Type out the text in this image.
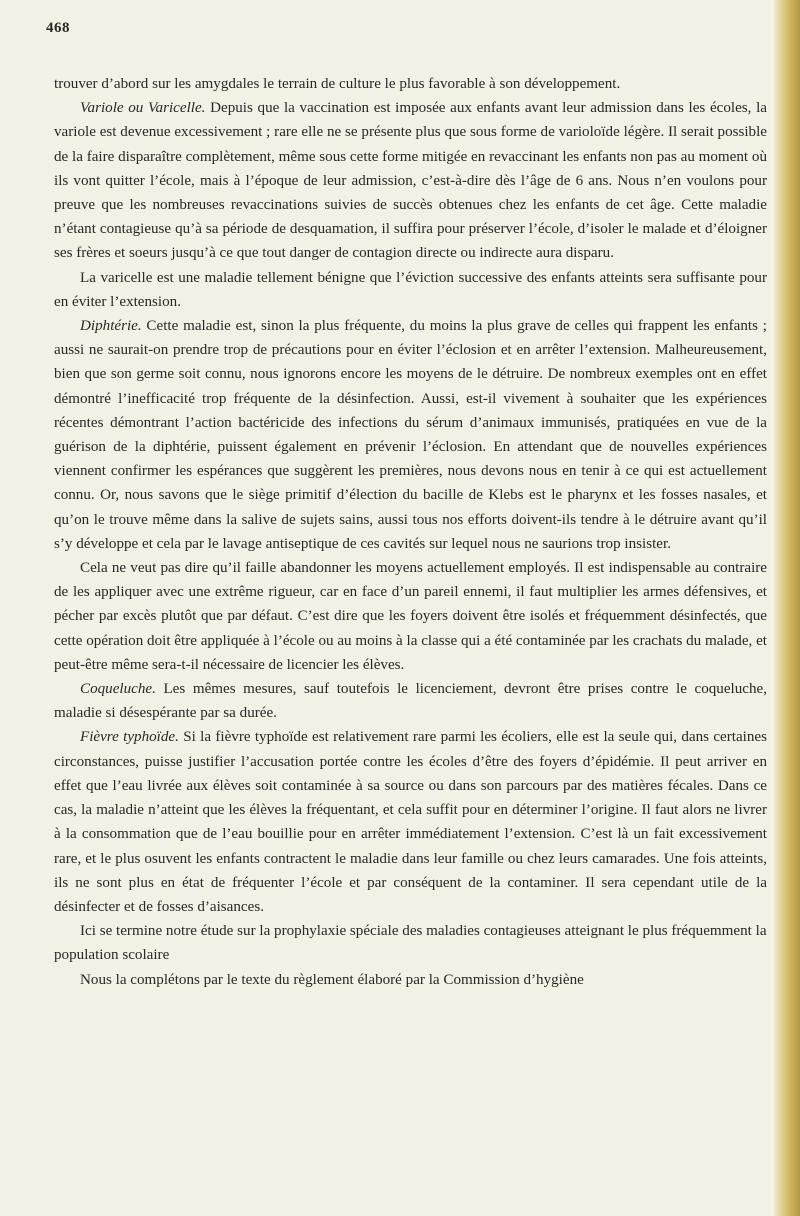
468

trouver d’abord sur les amygdales le terrain de culture le plus favorable à son développement.

Variole ou Varicelle. Depuis que la vaccination est imposée aux enfants avant leur admission dans les écoles, la variole est devenue excessivement ; rare elle ne se présente plus que sous forme de varioloïde légère. Il serait possible de la faire disparaître complètement, même sous cette forme mitigée en revaccinant les enfants non pas au moment où ils vont quitter l’école, mais à l’époque de leur admission, c’est-à-dire dès l’âge de 6 ans. Nous n’en voulons pour preuve que les nombreuses revaccinations suivies de succès obtenues chez les enfants de cet âge. Cette maladie n’étant contagieuse qu’à sa période de desquamation, il suffira pour préserver l’école, d’isoler le malade et d’éloigner ses frères et soeurs jusqu’à ce que tout danger de contagion directe ou indirecte aura disparu.

La varicelle est une maladie tellement bénigne que l’éviction successive des enfants atteints sera suffisante pour en éviter l’extension.

Diphtérie. Cette maladie est, sinon la plus fréquente, du moins la plus grave de celles qui frappent les enfants ; aussi ne saurait-on prendre trop de précautions pour en éviter l’éclosion et en arrêter l’extension. Malheureusement, bien que son germe soit connu, nous ignorons encore les moyens de le détruire. De nombreux exemples ont en effet démontré l’inefficacité trop fréquente de la désinfection. Aussi, est-il vivement à souhaiter que les expériences récentes démontrant l’action bactéricide des infections du sérum d’animaux immunisés, pratiquées en vue de la guérison de la diphtérie, puissent également en prévenir l’éclosion. En attendant que de nouvelles expériences viennent confirmer les espérances que suggèrent les premières, nous devons nous en tenir à ce qui est actuellement connu. Or, nous savons que le siège primitif d’élection du bacille de Klebs est le pharynx et les fosses nasales, et qu’on le trouve même dans la salive de sujets sains, aussi tous nos efforts doivent-ils tendre à le détruire avant qu’il s’y développe et cela par le lavage antiseptique de ces cavités sur lequel nous ne saurions trop insister.

Cela ne veut pas dire qu’il faille abandonner les moyens actuellement employés. Il est indispensable au contraire de les appliquer avec une extrême rigueur, car en face d’un pareil ennemi, il faut multiplier les armes défensives, et pécher par excès plutôt que par défaut. C’est dire que les foyers doivent être isolés et fréquemment désinfectés, que cette opération doit être appliquée à l’école ou au moins à la classe qui a été contaminée par les crachats du malade, et peut-être même sera-t-il nécessaire de licencier les élèves.

Coqueluche. Les mêmes mesures, sauf toutefois le licenciement, devront être prises contre le coqueluche, maladie si désespérante par sa durée.

Fièvre typhoïde. Si la fièvre typhoïde est relativement rare parmi les écoliers, elle est la seule qui, dans certaines circonstances, puisse justifier l’accusation portée contre les écoles d’être des foyers d’épidémie. Il peut arriver en effet que l’eau livrée aux élèves soit contaminée à sa source ou dans son parcours par des matières fécales. Dans ce cas, la maladie n’atteint que les élèves la fréquentant, et cela suffit pour en déterminer l’origine. Il faut alors ne livrer à la consommation que de l’eau bouillie pour en arrêter immédiatement l’extension. C’est là un fait excessivement rare, et le plus osuvent les enfants contractent le maladie dans leur famille ou chez leurs camarades. Une fois atteints, ils ne sont plus en état de fréquenter l’école et par conséquent de la contaminer. Il sera cependant utile de la désinfecter et de fosses d’aisances.

Ici se termine notre étude sur la prophylaxie spéciale des maladies contagieuses atteignant le plus fréquemment la population scolaire

Nous la complétons par le texte du règlement élaboré par la Commission d’hygiène
